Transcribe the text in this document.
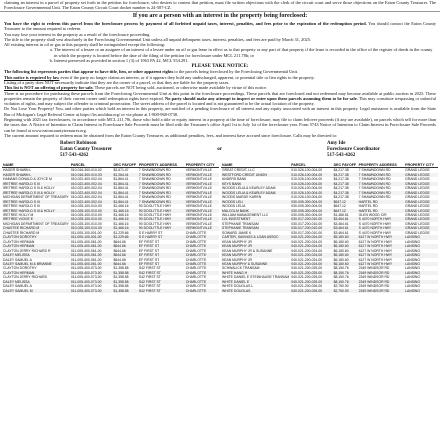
claiming an interest in a parcel of property set forth in the petition for foreclosure, who desires to contest that petition, must file written objections with the clerk of the circuit court and serve those objections on the Eaton County Treasurer. The Foreclosure Governmental Unit. The Eaton County Circuit Court docket number is 24-587-CZ.

If you are a person with an interest in the property being foreclosed:

You have the right to redeem this parcel from the foreclosure process by payment of all forfeited unpaid taxes, interest, penalties, and fees prior to the expiration of the redemption period. You should contact the Eaton County Treasurer to the amount required to redeem.

You may lose your interest in the property as a result of the foreclosure proceeding.

The title to the property shall vest absolutely in the Foreclosing Governmental Unit unless all unpaid delinquent taxes, interest, penalties, and fees are paid by March 31, 2025.

All existing interest in oil or gas in this property shall be extinguished except the following:

a. The interest of a lessee or an assignee of an interest of a lessee under an oil or gas lease in effect as to that property or any part of that property if the lease is recorded in the office of the register of deeds in the county in which the property is located before the date of the filing of the petition for foreclosure under MCL 211.78h; or
b. Interest preserved as provided in section 1 (3) of 1963 PA 42, MCL 554.291.
PLEASE TAKE NOTICE:

The following list represents parties that appear to have title, lien, or other apparent rights to the parcels being foreclosed by the Foreclosing Governmental Unit.

This notice is required by law even if the party no longer claims an interest, or if it appears they hold any undischarged, apparent, or potential title or lien rights to the property.

Listing of a party does NOT necessarily indicate that they are the owner of a parcel, or that they are liable for the property taxes.

This list is NOT an offering of property for sale. These parcels are NOT being sold, auctioned, or otherwise made available by virtue of this notice.

There is no procedure for purchasing these parcels from the Foreclosing Governmental Unit at this point in the foreclosure proceedings. These parcels that are foreclosed and not redeemed may become available at public auction in 2025. These properties remain the property of their current owner until redemption rights have expired. No party should make any attempt to inspect or enter upon these parcels assuming them to be for sale. This may constitute trespassing or unlawful violation of rights, and may subject the offender to criminal prosecution. The street address of the parcel is located and is not guaranteed to be the actual location of the property.

Do Not Lose Your Property! You, and other parties which hold an interest in this property, are notified of a pending foreclosure of all interest and any equity associated with an interest in this property. Legal assistance is available from the State Bar of Michigan's Legal Referral Center at https://lrs.michbar.org/ or via phone at 1-800-968-0738.

Beginning with 2021 tax foreclosures, in accordance with MCL 211.78t, those who hold a title or equity interest in a property at the time of foreclosure, may file to claim leftover proceeds (if any are available), on parcels which sell for more than the taxes due. A Notice of Intention to Claim Interest in Foreclosure Sale Proceeds must be filed with the Treasurer's office April 1st to July 1st of the foreclosure year. Form 5743 Notice of Intention to Claim Interest in Foreclosure Sale Proceeds can be found at www.eatoncountytreasurer.org.

The current amount required to redeem must be obtained from the Eaton County Treasurer, as additional penalties, fees, and interest have accrued since foreclosure. Calls may be directed to:

Robert Robinson
Eaton County Treasurer
517-543-4262
or
Amy Ide
Foreclosure Coordinator
517-543-4262
NAME	PARCEL	DEC PAYOFF	PROPERTY ADDRESS	PROPERTY CITY
HAGER SHAWN L	010-016-300-010-02	$2,671.47	7 SHAWNDOWN RD	VERMONTVILLE
HAGER SHAWN L	010-016-300-010-03	$1,264.41	7 SHAWNDOWN RD	VERMONTVILLE
HAMANS DONALD & JOYCE M	010-022-400-002-04	$1,864.41	7 SHAWNDOWN RD	VERMONTVILLE
IRETREE HAROLD S III	010-022-400-002-04	$1,864.41	7 SHAWNDOWN RD	VERMONTVILLE
IRETREE HAROLD S III & HOLLY	010-022-400-002-04	$1,864.41	7 SHAWNDOWN RD	VERMONTVILLE
IRETREE HAROLD S III & HOLLY	010-022-400-002-04	$1,864.41	7 SHAWNDOWN RD	VERMONTVILLE
MICHIGAN DEPARTMENT OF TREASURY	010-022-400-002-04	$1,864.41	7 SHAWNDOWN RD	VERMONTVILLE
IRETREE HAROLD S III	010-022-400-002-04	$1,864.41	7 SHAWNDOWN RD	VERMONTVILLE
IRETREE HAROLD S III	010-025-100-010-00	$1,466.16	90 DOOLITTLE HWY	VERMONTVILLE
IRETREE HAROLD S III & HOLLY	010-025-100-010-00	$1,466.16	90 DOOLITTLE HWY	VERMONTVILLE
IRETREE HOLLY M	010-025-100-010-00	$1,466.16	90 DOOLITTLE HWY	VERMONTVILLE
IRETREE VICKIE E	010-025-100-010-00	$1,466.16	90 DOOLITTLE HWY	VERMONTVILLE
MICHIGAN DEPARTMENT OF TREASURY	010-025-100-010-00	$1,466.16	90 DOOLITTLE HWY	VERMONTVILLE
CHASTEE RICHARD M	010-025-100-010-00	$1,466.16	90 DOOLITTLE HWY	VERMONTVILLE
CHASTEE RICHARD M	011-005-100-001-00	$1,229.66	S E HARRY ST	CHARLOTTE
CLAYTON DOROTHY	011-005-100-001-00	$1,229.66	S E HARRY ST	CHARLOTTE
CLAYTON HERMAN	011-005-400-061-00	$644.66	EF FIRST ST	CHARLOTTE
CLAYTON HERMAN	011-005-400-061-00	$644.66	EF FIRST ST	CHARLOTTE
CLAYTON JERRY RICHARD R	011-005-400-061-00	$644.66	EF FIRST ST	CHARLOTTE
DALEY MELISSA	011-005-400-061-00	$644.66	EF FIRST ST	CHARLOTTE
DALEY SAMUEL A	011-005-400-061-00	$644.66	EF FIRST ST	CHARLOTTE
DALEY SAMUEL M & BRIANNE	011-005-400-061-00	$644.66	EF FIRST ST	CHARLOTTE
CLAYTON DOROTHY	011-005-400-073-00	$1,358.58	S42 FIRST ST	CHARLOTTE
CLAYTON HERMAN	011-005-400-073-00	$1,358.58	S42 FIRST ST	CHARLOTTE
CLAYTON JERRY RICHARD	011-005-400-073-00	$1,358.58	S42 FIRST ST	CHARLOTTE
DALEY MELISSA	011-005-400-073-00	$1,358.58	S42 FIRST ST	CHARLOTTE
DALEY SAMUEL A	011-005-400-073-00	$1,358.58	S42 FIRST ST	CHARLOTTE
DALEY SAMUEL M	011-005-400-073-00	$1,358.58	S42 FIRST ST	CHARLOTTE
NAME	PARCEL	DEC PAYOFF	PROPERTY ADDRESS	PROPERTY CITY
GREAT CREDIT, LLC	010-026-100-004-00	$4,217.38	7 SHAWNDOWN RD	GRAND LEDGE
WESTFORD CREDIT UNION	010-026-100-004-00	$4,217.38	7 SHAWNDOWN RD	GRAND LEDGE
ANDERS BANK	010-026-100-004-00	$4,217.38	7 SHAWNDOWN RD	GRAND LEDGE
KEYS BANK	010-026-100-004-00	$4,217.38	7 SHAWNDOWN RD	GRAND LEDGE
WOODS LELIA & KEARLEY ADAM	010-026-100-004-00	$4,217.38	7 SHAWNDOWN RD	GRAND LEDGE
WOODS LELIA & KEARLEY ADAM	010-026-100-004-00	$4,217.38	7 SHAWNDOWN RD	GRAND LEDGE
WOODS MARJIE KAREN	010-026-100-004-00	$4,217.38	7 SHAWNDOWN RD	GRAND LEDGE
WOODS LELI	030-005-300-004-00	$647.12	HARTEL RD	GRAND LEDGE
WOODS LELIA	030-005-300-004-00	$647.12	HARTEL RD	GRAND LEDGE
MALCOLM BANK	030-005-300-004-00	$647.12	HARTEL RD	GRAND LEDGE
WILLIAM MANAGEMENT LLC	030-005-300-004-00	$1,466.61	GLEN WOOD CIR	GRAND LEDGE
LVL INVESTMENT	030-017-200-010-00	$3,464.61	S 4470 NORTH HWY	GRAND LEDGE
STEPHANIE TRANSAM	030-017-200-010-00	$3,464.61	S 4470 NORTH HWY	GRAND LEDGE
STEPHANIE TRANSAM	030-017-200-010-00	$3,464.61	S 4470 NORTH HWY	GRAND LEDGE
SOWARD JAMIE K	030-017-200-010-00	$3,464.61	S 4470 NORTH HWY	GRAND LEDGE
CARTER, SAVINGS & LOAN ASSOC	040-021-200-024-00	$5,180.60	6127 W NORTH HWY	LANSING
KEAN MURPHY JR	040-021-200-024-00	$6,180.60	6127 W NORTH HWY	LANSING
KEAN MURPHY JR	040-021-200-024-00	$6,180.60	6127 W NORTH HWY	LANSING
KEAN MURPHY JR & SUSANNE	040-021-200-024-00	$6,180.60	6127 W NORTH HWY	LANSING
KEAN MURPHY JR	040-021-200-024-00	$6,180.60	6127 W NORTH HWY	LANSING
KEAN MURPHY JR	040-021-200-024-00	$6,180.60	6127 W NORTH HWY	LANSING
KEAN MURPHY & SUSANNE	040-021-200-024-00	$6,180.60	6127 W NORTH HWY	LANSING
SCHWALICK TRANSAM	040-021-200-025-00	$8,150.76	2349 WINDSOR RD	LANSING
WHITE HANG H	040-021-200-025-00	$8,150.76	2349 WINDSOR RD	LANSING
WHITE DANIEL E STEINHAUSE TRANSAM	040-021-200-025-00	$8,150.76	2349 WINDSOR RD	LANSING
WHITE DANIEL E	040-021-200-025-00	$8,150.76	2349 WINDSOR RD	LANSING
WHITE DOUGLAS L	040-021-200-026-00	$2,750.90	2349 WINDSOR RD	LANSING
WHITE DOUGLAS	040-021-200-026-00	$2,750.90	2349 WINDSOR RD	LANSING
